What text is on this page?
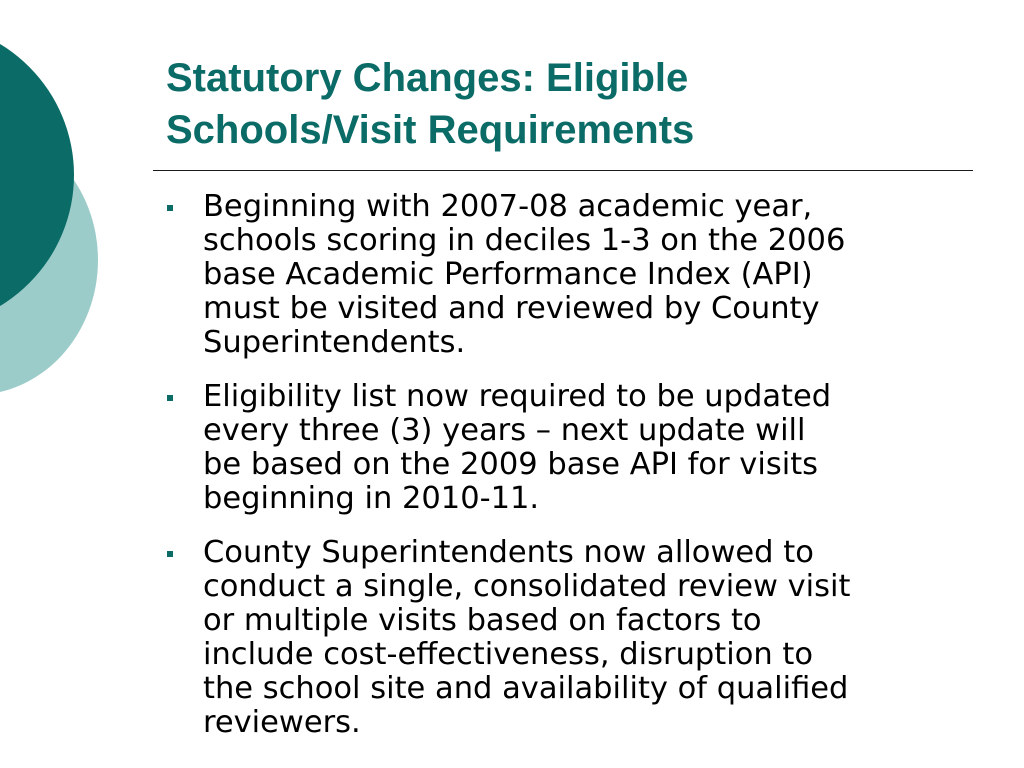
Statutory Changes: Eligible
Schools/Visit Requirements
Beginning with 2007-08 academic year,
schools scoring in deciles 1-3 on the 2006
base Academic Performance Index (API)
must be visited and reviewed by County
Superintendents.
Eligibility list now required to be updated
every three (3) years – next update will
be based on the 2009 base API for visits
beginning in 2010-11.
County Superintendents now allowed to
conduct a single, consolidated review visit
or multiple visits based on factors to
include cost-effectiveness, disruption to
the school site and availability of qualified
reviewers.
